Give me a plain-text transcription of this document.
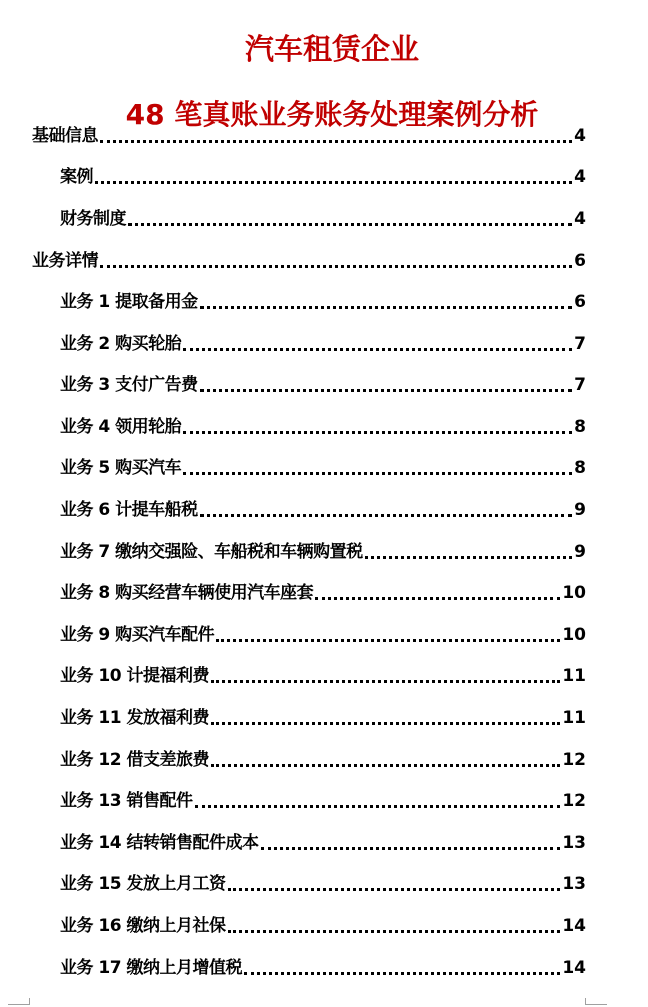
汽车租赁企业
48 笔真账业务账务处理案例分析
基础信息	4
案例	4
财务制度	4
业务详情	6
业务 1 提取备用金	6
业务 2 购买轮胎	7
业务 3 支付广告费	7
业务 4 领用轮胎	8
业务 5 购买汽车	8
业务 6 计提车船税	9
业务 7 缴纳交强险、车船税和车辆购置税	9
业务 8 购买经营车辆使用汽车座套	10
业务 9 购买汽车配件	10
业务 10 计提福利费	11
业务 11 发放福利费	11
业务 12 借支差旅费	12
业务 13 销售配件	12
业务 14 结转销售配件成本	13
业务 15 发放上月工资	13
业务 16 缴纳上月社保	14
业务 17 缴纳上月增值税	14
